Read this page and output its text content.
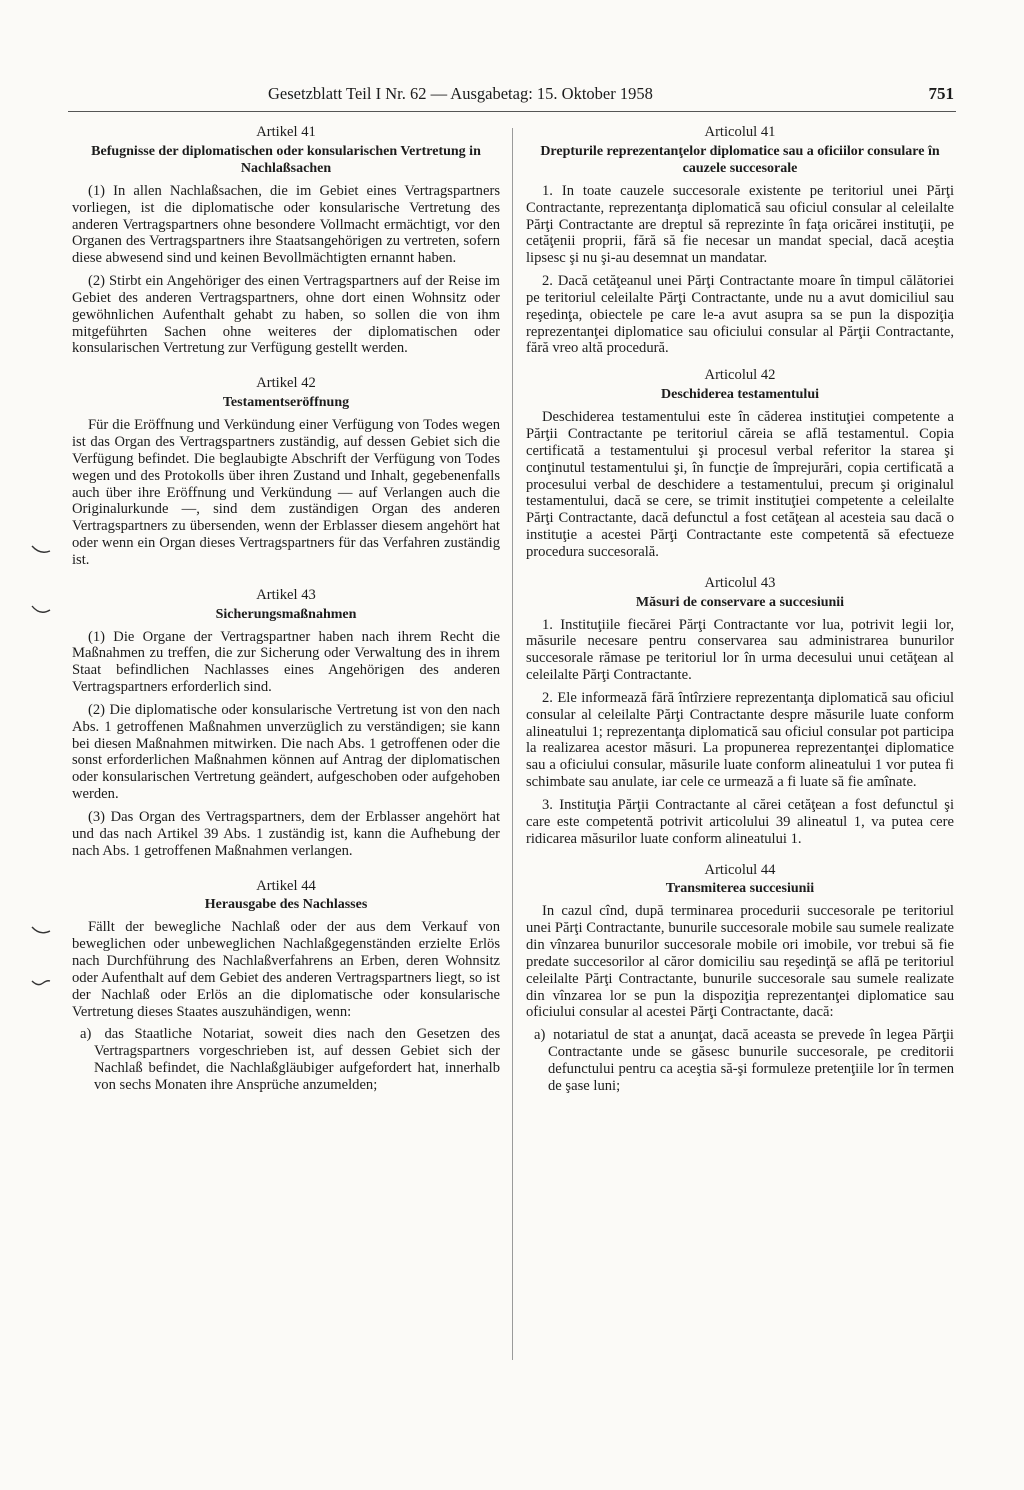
Gesetzblatt Teil I Nr. 62 — Ausgabetag: 15. Oktober 1958	751

Artikel 41

Befugnisse der diplomatischen oder konsularischen Vertretung in Nachlaßsachen

(1) In allen Nachlaßsachen, die im Gebiet eines Vertragspartners vorliegen, ist die diplomatische oder konsularische Vertretung des anderen Vertragspartners ohne besondere Vollmacht ermächtigt, vor den Organen des Vertragspartners ihre Staatsangehörigen zu vertreten, sofern diese abwesend sind und keinen Bevollmächtigten ernannt haben.

(2) Stirbt ein Angehöriger des einen Vertragspartners auf der Reise im Gebiet des anderen Vertragspartners, ohne dort einen Wohnsitz oder gewöhnlichen Aufenthalt gehabt zu haben, so sollen die von ihm mitgeführten Sachen ohne weiteres der diplomatischen oder konsularischen Vertretung zur Verfügung gestellt werden.

Artikel 42

Testamentseröffnung

Für die Eröffnung und Verkündung einer Verfügung von Todes wegen ist das Organ des Vertragspartners zuständig, auf dessen Gebiet sich die Verfügung befindet. Die beglaubigte Abschrift der Verfügung von Todes wegen und des Protokolls über ihren Zustand und Inhalt, gegebenenfalls auch über ihre Eröffnung und Verkündung — auf Verlangen auch die Originalurkunde —, sind dem zuständigen Organ des anderen Vertragspartners zu übersenden, wenn der Erblasser diesem angehört hat oder wenn ein Organ dieses Vertragspartners für das Verfahren zuständig ist.

Artikel 43

Sicherungsmaßnahmen

(1) Die Organe der Vertragspartner haben nach ihrem Recht die Maßnahmen zu treffen, die zur Sicherung oder Verwaltung des in ihrem Staat befindlichen Nachlasses eines Angehörigen des anderen Vertragspartners erforderlich sind.

(2) Die diplomatische oder konsularische Vertretung ist von den nach Abs. 1 getroffenen Maßnahmen unverzüglich zu verständigen; sie kann bei diesen Maßnahmen mitwirken. Die nach Abs. 1 getroffenen oder die sonst erforderlichen Maßnahmen können auf Antrag der diplomatischen oder konsularischen Vertretung geändert, aufgeschoben oder aufgehoben werden.

(3) Das Organ des Vertragspartners, dem der Erblasser angehört hat und das nach Artikel 39 Abs. 1 zuständig ist, kann die Aufhebung der nach Abs. 1 getroffenen Maßnahmen verlangen.

Artikel 44

Herausgabe des Nachlasses

Fällt der bewegliche Nachlaß oder der aus dem Verkauf von beweglichen oder unbeweglichen Nachlaßgegenständen erzielte Erlös nach Durchführung des Nachlaßverfahrens an Erben, deren Wohnsitz oder Aufenthalt auf dem Gebiet des anderen Vertragspartners liegt, so ist der Nachlaß oder Erlös an die diplomatische oder konsularische Vertretung dieses Staates auszuhändigen, wenn:

a) das Staatliche Notariat, soweit dies nach den Gesetzen des Vertragspartners vorgeschrieben ist, auf dessen Gebiet sich der Nachlaß befindet, die Nachlaßgläubiger aufgefordert hat, innerhalb von sechs Monaten ihre Ansprüche anzumelden;

Articolul 41

Drepturile reprezentanţelor diplomatice sau a oficiilor consulare în cauzele succesorale

1. In toate cauzele succesorale existente pe teritoriul unei Părţi Contractante, reprezentanţa diplomatică sau oficiul consular al celeilalte Părţi Contractante are dreptul să reprezinte în faţa oricărei instituţii, pe cetăţenii proprii, fără să fie necesar un mandat special, dacă aceştia lipsesc şi nu şi-au desemnat un mandatar.

2. Dacă cetăţeanul unei Părţi Contractante moare în timpul călătoriei pe teritoriul celeilalte Părţi Contractante, unde nu a avut domiciliul sau reşedinţa, obiectele pe care le-a avut asupra sa se pun la dispoziţia reprezentanţei diplomatice sau oficiului consular al Părţii Contractante, fără vreo altă procedură.

Articolul 42

Deschiderea testamentului

Deschiderea testamentului este în căderea instituţiei competente a Părţii Contractante pe teritoriul căreia se află testamentul. Copia certificată a testamentului şi procesul verbal referitor la starea şi conţinutul testamentului şi, în funcţie de împrejurări, copia certificată a procesului verbal de deschidere a testamentului, precum şi originalul testamentului, dacă se cere, se trimit instituţiei competente a celeilalte Părţi Contractante, dacă defunctul a fost cetăţean al acesteia sau dacă o instituţie a acestei Părţi Contractante este competentă să efectueze procedura succesorală.

Articolul 43

Măsuri de conservare a succesiunii

1. Instituţiile fiecărei Părţi Contractante vor lua, potrivit legii lor, măsurile necesare pentru conservarea sau administrarea bunurilor succesorale rămase pe teritoriul lor în urma decesului unui cetăţean al celeilalte Părţi Contractante.

2. Ele informează fără întîrziere reprezentanţa diplomatică sau oficiul consular al celeilalte Părţi Contractante despre măsurile luate conform alineatului 1; reprezentanţa diplomatică sau oficiul consular pot participa la realizarea acestor măsuri. La propunerea reprezentanţei diplomatice sau a oficiului consular, măsurile luate conform alineatului 1 vor putea fi schimbate sau anulate, iar cele ce urmează a fi luate să fie amînate.

3. Instituţia Părţii Contractante al cărei cetăţean a fost defunctul şi care este competentă potrivit articolului 39 alineatul 1, va putea cere ridicarea măsurilor luate conform alineatului 1.

Articolul 44

Transmiterea succesiunii

In cazul cînd, după terminarea procedurii succesorale pe teritoriul unei Părţi Contractante, bunurile succesorale mobile sau sumele realizate din vînzarea bunurilor succesorale mobile ori imobile, vor trebui să fie predate succesorilor al căror domiciliu sau reşedinţă se află pe teritoriul celeilalte Părţi Contractante, bunurile succesorale sau sumele realizate din vînzarea lor se pun la dispoziţia reprezentanţei diplomatice sau oficiului consular al acestei Părţi Contractante, dacă:

a) notariatul de stat a anunţat, dacă aceasta se prevede în legea Părţii Contractante unde se găsesc bunurile succesorale, pe creditorii defunctului pentru ca aceştia să-şi formuleze pretenţiile lor în termen de şase luni;
